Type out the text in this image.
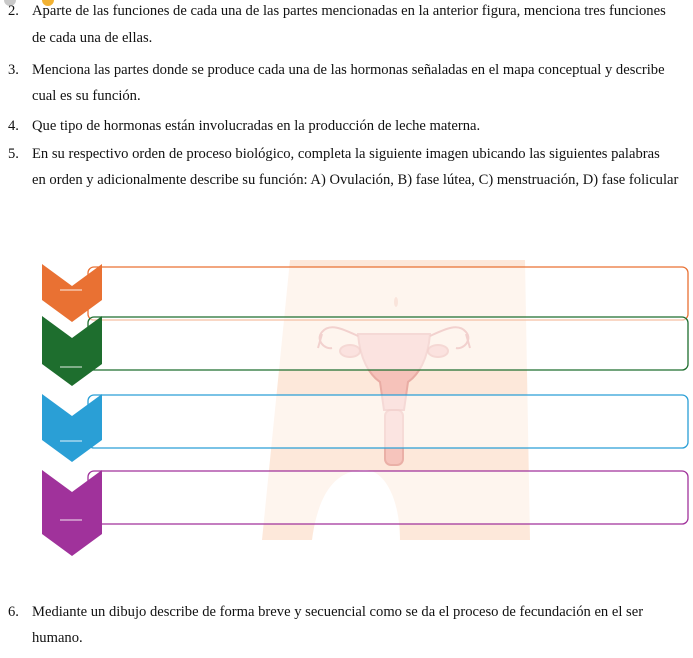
2. Aparte de las funciones de cada una de las partes mencionadas en la anterior figura, menciona tres funciones
de cada una de ellas.
3. Menciona las partes donde se produce cada una de las hormonas señaladas en el mapa conceptual y describe
cual es su función.
4. Que tipo de hormonas están involucradas en la producción de leche materna.
5. En su respectivo orden de proceso biológico, completa la siguiente imagen ubicando las siguientes palabras
en orden y adicionalmente describe su función: A) Ovulación, B) fase lútea, C) menstruación, D) fase folicular
6. Mediante un dibujo describe de forma breve y secuencial como se da el proceso de fecundación en el ser
humano.
